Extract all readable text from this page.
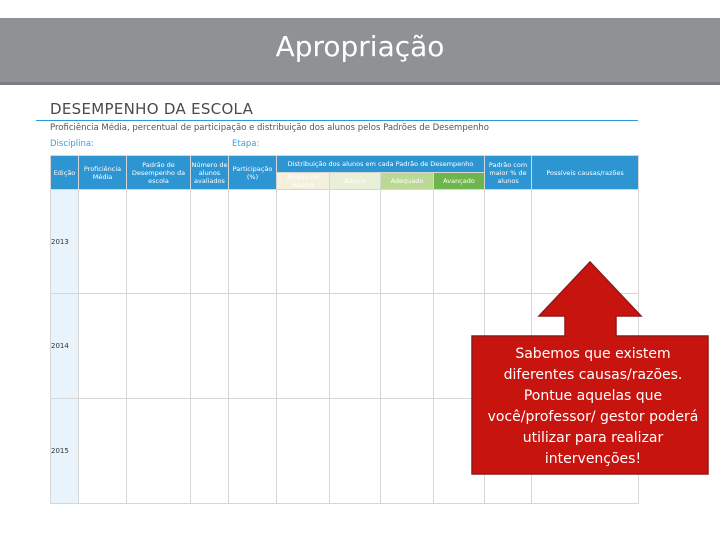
Apropriação
DESEMPENHO DA ESCOLA
Proficiência Média, percentual de participação e distribuição dos alunos pelos Padrões de Desempenho
Disciplina:	Etapa:
Edição	Proficiência Média	Padrão de Desempenho da escola	Número de alunos avaliados	Participação (%)	Distribuição dos alunos em cada Padrão de Desempenho				Padrão com maior % de alunos	Possíveis causas/razões
					Abaixo do Básico	Básico	Adequado	Avançado		
2013										
2014										
2015										
Sabemos que existem diferentes causas/razões. Pontue aquelas que você/professor/ gestor poderá utilizar para realizar intervenções!
